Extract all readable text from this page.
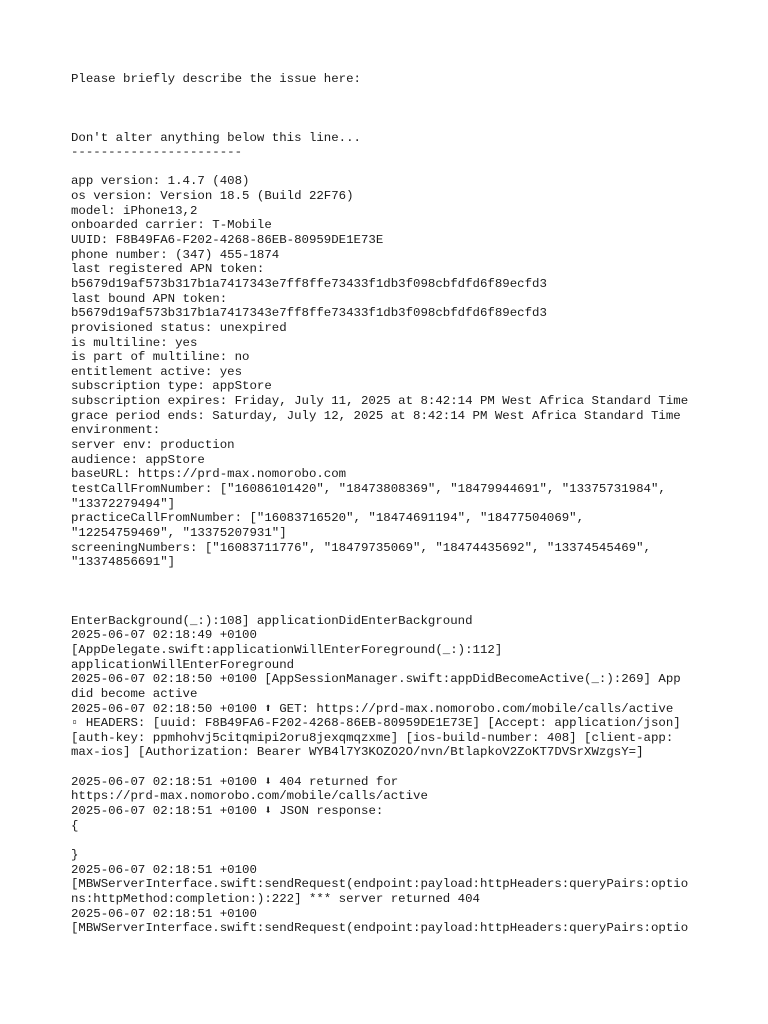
Please briefly describe the issue here:
Don't alter anything below this line...
-----------------------
app version: 1.4.7 (408)
os version: Version 18.5 (Build 22F76)
model: iPhone13,2
onboarded carrier: T-Mobile
UUID: F8B49FA6-F202-4268-86EB-80959DE1E73E
phone number: (347) 455-1874
last registered APN token:
b5679d19af573b317b1a7417343e7ff8ffe73433f1db3f098cbfdfd6f89ecfd3
last bound APN token:
b5679d19af573b317b1a7417343e7ff8ffe73433f1db3f098cbfdfd6f89ecfd3
provisioned status: unexpired
is multiline: yes
is part of multiline: no
entitlement active: yes
subscription type: appStore
subscription expires: Friday, July 11, 2025 at 8:42:14 PM West Africa Standard Time
grace period ends: Saturday, July 12, 2025 at 8:42:14 PM West Africa Standard Time
environment:
server env: production
audience: appStore
baseURL: https://prd-max.nomorobo.com
testCallFromNumber: ["16086101420", "18473808369", "18479944691", "13375731984",
"13372279494"]
practiceCallFromNumber: ["16083716520", "18474691194", "18477504069",
"12254759469", "13375207931"]
screeningNumbers: ["16083711776", "18479735069", "18474435692", "13374545469",
"13374856691"]
EnterBackground(_:):108] applicationDidEnterBackground
2025-06-07 02:18:49 +0100
[AppDelegate.swift:applicationWillEnterForeground(_:):112]
applicationWillEnterForeground
2025-06-07 02:18:50 +0100 [AppSessionManager.swift:appDidBecomeActive(_:):269] App
did become active
2025-06-07 02:18:50 +0100 ⬆ GET: https://prd-max.nomorobo.com/mobile/calls/active
▫ HEADERS: [uuid: F8B49FA6-F202-4268-86EB-80959DE1E73E] [Accept: application/json]
[auth-key: ppmhohvj5citqmipi2oru8jexqmqzxme] [ios-build-number: 408] [client-app:
max-ios] [Authorization: Bearer WYB4l7Y3KOZO2O/nvn/BtlapkoV2ZoKT7DVSrXWzgsY=]
2025-06-07 02:18:51 +0100 ⬇ 404 returned for
https://prd-max.nomorobo.com/mobile/calls/active
2025-06-07 02:18:51 +0100 ⬇ JSON response:
{
}
2025-06-07 02:18:51 +0100
[MBWServerInterface.swift:sendRequest(endpoint:payload:httpHeaders:queryPairs:optio
ns:httpMethod:completion:):222] *** server returned 404
2025-06-07 02:18:51 +0100
[MBWServerInterface.swift:sendRequest(endpoint:payload:httpHeaders:queryPairs:optio
